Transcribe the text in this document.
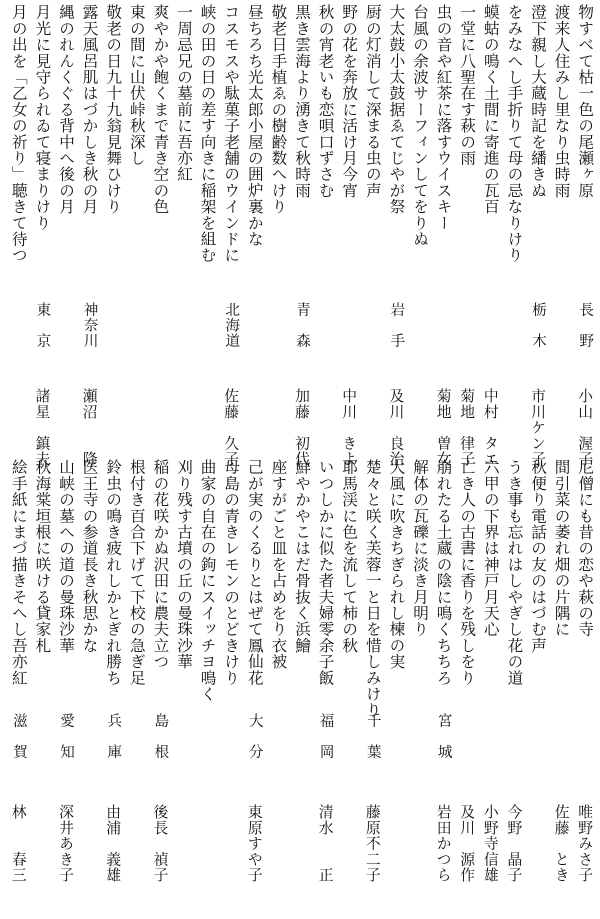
物すべて枯一色の尾瀬ヶ原
渡来人住みし里なり虫時雨
澄下親し大蔵時記を繙きぬ
をみなへし手折りて母の忌なりけり
蟆蛄の鳴く土間に寄進の瓦百
一堂に八聖在す萩の雨
虫の音や紅茶に落すウイスキー
台風の余波サーフィンしてをりぬ
大太鼓小太鼓据ゑてじやが祭
厨の灯消して深まる虫の声
野の花を奔放に活け月今宵
秋の宵老いも恋唄口ずさむ
黒き雲海より湧きて秋時雨
敬老日手植ゑの樹齢数へけり
昼ちろち光太郎小屋の囲炉裏かな
コスモスや駄菓子老舗のウインドに
峡の田の日の差す向きに稲架を組む
一周忌兄の墓前に吾亦紅
爽やかや飽くまで青き空の色
東の間に山伏峠秋深し
敬老の日九十九翁見舞ひけり
露天風呂肌はづかしき秋の月
縄のれんくぐる背中へ後の月
月光に見守られゐて寝まりけり
月の出を「乙女の祈り」聴きて待つ
東　京
諸星　鎮夫
神奈川
瀬沼　　降
北海道
佐藤　久子
青　森
加藤　初代 中川　きよ
岩　手
及川　良治 菊地　曽女 菊地　律子 中村　タエ
栃　木
市川ケン子
長　野
小山　渥子
尼僧にも昔の恋や萩の寺
間引菜の萎れ畑の片隅に
秋便り電話の友のはづむ声
うき事も忘れはしやぎし花の道
六甲の下界は神戸月天心
亡き人の古書に香りを残しをり
崩れたる土蔵の陰に鳴くちちろ
解体の瓦礫に淡き月明り
大風に吹きちぎられし楝の実
楚々と咲く芙蓉一と日を惜しみけり
耶馬渓に色を流して柿の秋
いつしかに似た者夫婦零余子飯
鮮やかやこはだ骨抜く浜鱠
座すがごと皿を占めをり衣被
己が実のくるりとはぜて鳳仙花
母島の青きレモンのとどきけり
曲家の自在の鉤にスイッチヨ鳴く
刈り残す古墳の丘の曼珠沙華
稲の花咲かぬ沢田に農夫立つ
根付き百合下げて下校の急ぎ足
鈴虫の鳴き疲れしかとぎれ勝ち
医王寺の参道長き秋思かな
山峡の墓への道の曼珠沙華
秋海棠垣根に咲ける貸家札
絵手紙にまづ描きそへし吾亦紅
滋　賀
林　　春三
愛　知
深井あき子
兵　庫
由浦　義雄
島　根
後長　禎子
大　分
東原すや子
福　岡
清水　　正
千　葉
藤原不二子
宮　城
岩田かつら 及川　源作 小野寺信雄 今野　晶子 佐藤　とき 唯野みさ子
